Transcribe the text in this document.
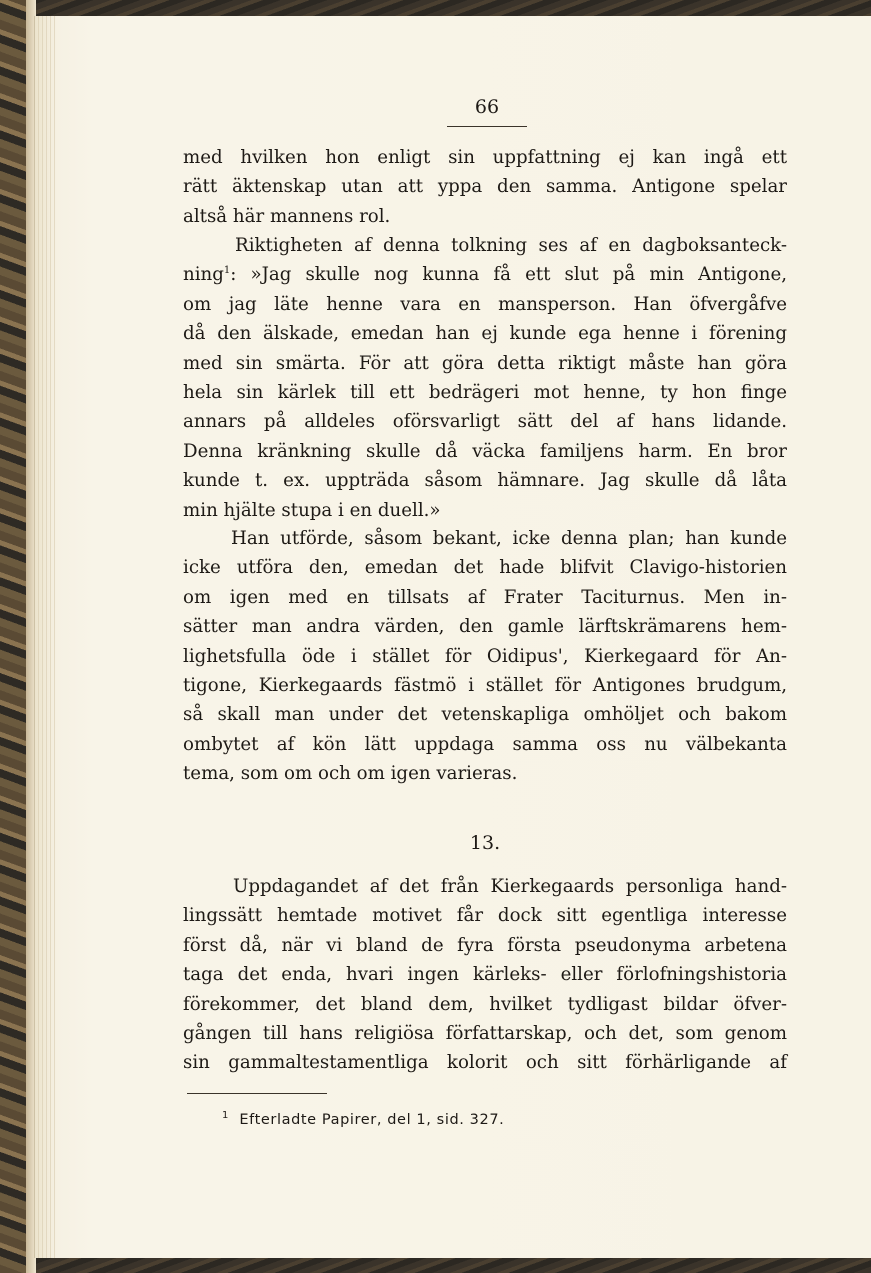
66
med hvilken hon enligt sin uppfattning ej kan ingå ett
rätt äktenskap utan att yppa den samma. Antigone spelar
altså här mannens rol.
Riktigheten af denna tolkning ses af en dagboksanteck-
ning$^1$: »Jag skulle nog kunna få ett slut på min Antigone,
om jag läte henne vara en mansperson. Han öfvergåfve
då den älskade, emedan han ej kunde ega henne i förening
med sin smärta. För att göra detta riktigt måste han göra
hela sin kärlek till ett bedrägeri mot henne, ty hon finge
annars på alldeles oförsvarligt sätt del af hans lidande.
Denna kränkning skulle då väcka familjens harm. En bror
kunde t. ex. uppträda såsom hämnare. Jag skulle då låta
min hjälte stupa i en duell.»
Han utförde, såsom bekant, icke denna plan; han kunde
icke utföra den, emedan det hade blifvit Clavigo-historien
om igen med en tillsats af Frater Taciturnus. Men in-
sätter man andra värden, den gamle lärftskrämarens hem-
lighetsfulla öde i stället för Oidipus', Kierkegaard för An-
tigone, Kierkegaards fästmö i stället för Antigones brudgum,
så skall man under det vetenskapliga omhöljet och bakom
ombytet af kön lätt uppdaga samma oss nu välbekanta
tema, som om och om igen varieras.
13.
Uppdagandet af det från Kierkegaards personliga hand-
lingssätt hemtade motivet får dock sitt egentliga interesse
först då, när vi bland de fyra första pseudonyma arbetena
taga det enda, hvari ingen kärleks- eller förlofningshistoria
förekommer, det bland dem, hvilket tydligast bildar öfver-
gången till hans religiösa författarskap, och det, som genom
sin gammaltestamentliga kolorit och sitt förhärligande af
$^1$ Efterladte Papirer, del 1, sid. 327.
